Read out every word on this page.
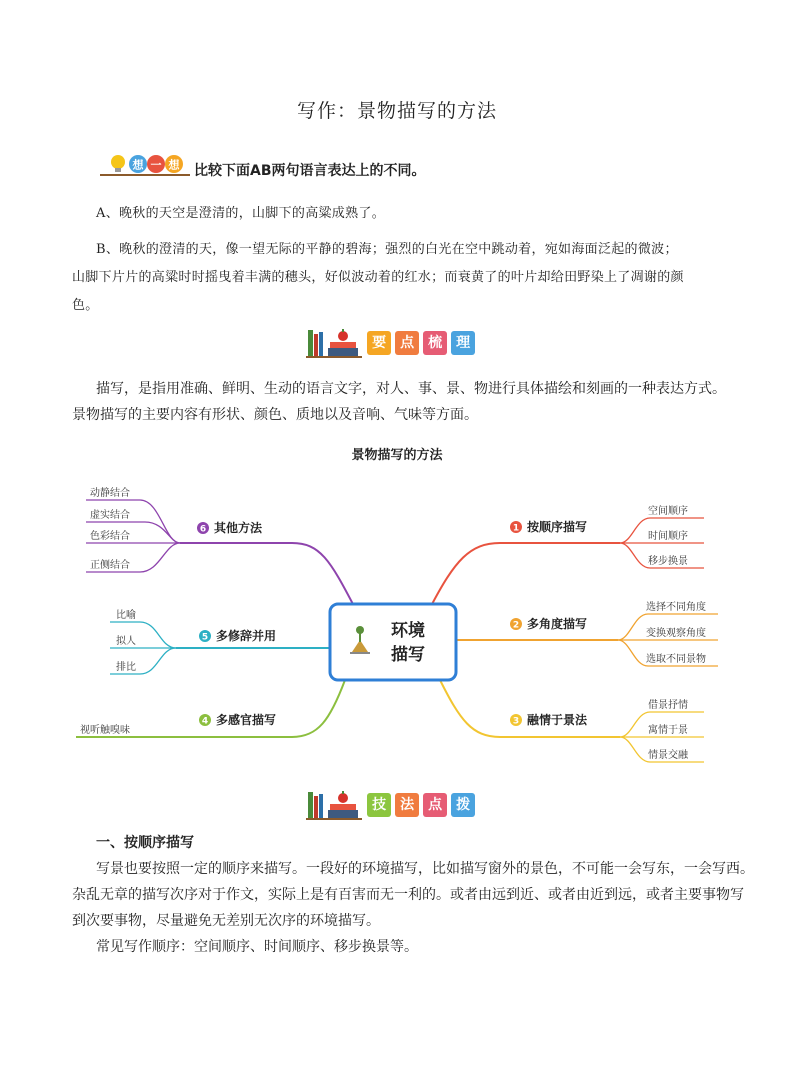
写作：景物描写的方法
想 一 想 比较下面AB两句语言表达上的不同。
A、晚秋的天空是澄清的，山脚下的高粱成熟了。
B、晚秋的澄清的天，像一望无际的平静的碧海；强烈的白光在空中跳动着，宛如海面泛起的微波；
山脚下片片的高粱时时摇曳着丰满的穗头，好似波动着的红水；而衰黄了的叶片却给田野染上了凋谢的颜
色。
要 点 梳 理
描写，是指用准确、鲜明、生动的语言文字，对人、事、景、物进行具体描绘和刻画的一种表达方式。
景物描写的主要内容有形状、颜色、质地以及音响、气味等方面。
景物描写的方法
环境
描写
6 其他方法
5 多修辞并用
4 多感官描写
1 按顺序描写
2 多角度描写
3 融情于景法
动静结合
虚实结合
色彩结合
正侧结合
比喻
拟人
排比
视听触嗅味
空间顺序
时间顺序
移步换景
选择不同角度
变换观察角度
选取不同景物
借景抒情
寓情于景
情景交融
技 法 点 拨
一、按顺序描写
写景也要按照一定的顺序来描写。一段好的环境描写，比如描写窗外的景色，不可能一会写东，一会写西。
杂乱无章的描写次序对于作文，实际上是有百害而无一利的。或者由远到近、或者由近到远，或者主要事物写
到次要事物，尽量避免无差别无次序的环境描写。
常见写作顺序：空间顺序、时间顺序、移步换景等。
